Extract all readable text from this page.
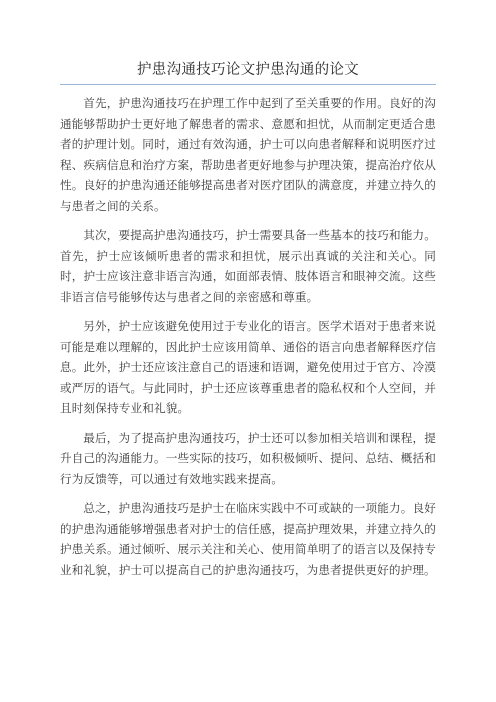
护患沟通技巧论文护患沟通的论文

首先，护患沟通技巧在护理工作中起到了至关重要的作用。良好的沟通能够帮助护士更好地了解患者的需求、意愿和担忧，从而制定更适合患者的护理计划。同时，通过有效沟通，护士可以向患者解释和说明医疗过程、疾病信息和治疗方案，帮助患者更好地参与护理决策，提高治疗依从性。良好的护患沟通还能够提高患者对医疗团队的满意度，并建立持久的与患者之间的关系。

其次，要提高护患沟通技巧，护士需要具备一些基本的技巧和能力。首先，护士应该倾听患者的需求和担忧，展示出真诚的关注和关心。同时，护士应该注意非语言沟通，如面部表情、肢体语言和眼神交流。这些非语言信号能够传达与患者之间的亲密感和尊重。

另外，护士应该避免使用过于专业化的语言。医学术语对于患者来说可能是难以理解的，因此护士应该用简单、通俗的语言向患者解释医疗信息。此外，护士还应该注意自己的语速和语调，避免使用过于官方、冷漠或严厉的语气。与此同时，护士还应该尊重患者的隐私权和个人空间，并且时刻保持专业和礼貌。

最后，为了提高护患沟通技巧，护士还可以参加相关培训和课程，提升自己的沟通能力。一些实际的技巧，如积极倾听、提问、总结、概括和行为反馈等，可以通过有效地实践来提高。

总之，护患沟通技巧是护士在临床实践中不可或缺的一项能力。良好的护患沟通能够增强患者对护士的信任感，提高护理效果，并建立持久的护患关系。通过倾听、展示关注和关心、使用简单明了的语言以及保持专业和礼貌，护士可以提高自己的护患沟通技巧，为患者提供更好的护理。
